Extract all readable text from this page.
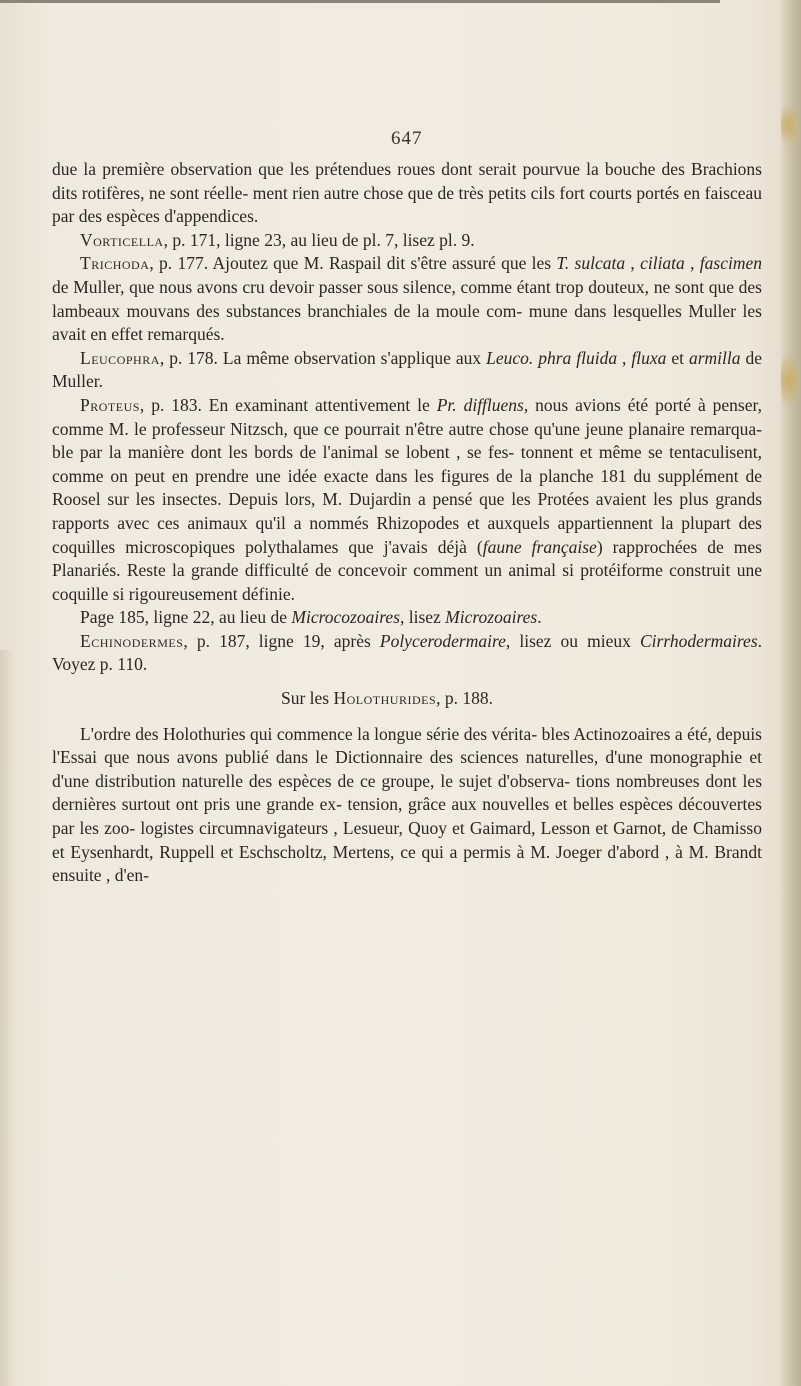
647

due la première observation que les prétendues roues dont serait pourvue la bouche des Brachions dits rotifères, ne sont réelle- ment rien autre chose que de très petits cils fort courts portés en faisceau par des espèces d'appendices.

Vorticella, p. 171, ligne 23, au lieu de pl. 7, lisez pl. 9.

Trichoda, p. 177. Ajoutez que M. Raspail dit s'être assuré que les T. sulcata , ciliata , fascimen de Muller, que nous avons cru devoir passer sous silence, comme étant trop douteux, ne sont que des lambeaux mouvans des substances branchiales de la moule com- mune dans lesquelles Muller les avait en effet remarqués.

Leucophra, p. 178. La même observation s'applique aux Leuco. phra fluida , fluxa et armilla de Muller.

Proteus, p. 183. En examinant attentivement le Pr. diffluens, nous avions été porté à penser, comme M. le professeur Nitzsch, que ce pourrait n'être autre chose qu'une jeune planaire remarqua- ble par la manière dont les bords de l'animal se lobent , se fes- tonnent et même se tentaculisent, comme on peut en prendre une idée exacte dans les figures de la planche 181 du supplément de Roosel sur les insectes. Depuis lors, M. Dujardin a pensé que les Protées avaient les plus grands rapports avec ces animaux qu'il a nommés Rhizopodes et auxquels appartiennent la plupart des coquilles microscopiques polythalames que j'avais déjà (faune française) rapprochées de mes Planariés. Reste la grande difficulté de concevoir comment un animal si protéiforme construit une coquille si rigoureusement définie.

Page 185, ligne 22, au lieu de Microcozoaires, lisez Microzoaires.

Echinodermes, p. 187, ligne 19, après Polycerodermaire, lisez ou mieux Cirrhodermaires. Voyez p. 110.

Sur les Holothurides, p. 188.

L'ordre des Holothuries qui commence la longue série des vérita- bles Actinozoaires a été, depuis l'Essai que nous avons publié dans le Dictionnaire des sciences naturelles, d'une monographie et d'une distribution naturelle des espèces de ce groupe, le sujet d'observa- tions nombreuses dont les dernières surtout ont pris une grande ex- tension, grâce aux nouvelles et belles espèces découvertes par les zoo- logistes circumnavigateurs , Lesueur, Quoy et Gaimard, Lesson et Garnot, de Chamisso et Eysenhardt, Ruppell et Eschscholtz, Mertens, ce qui a permis à M. Joeger d'abord , à M. Brandt ensuite , d'en-
